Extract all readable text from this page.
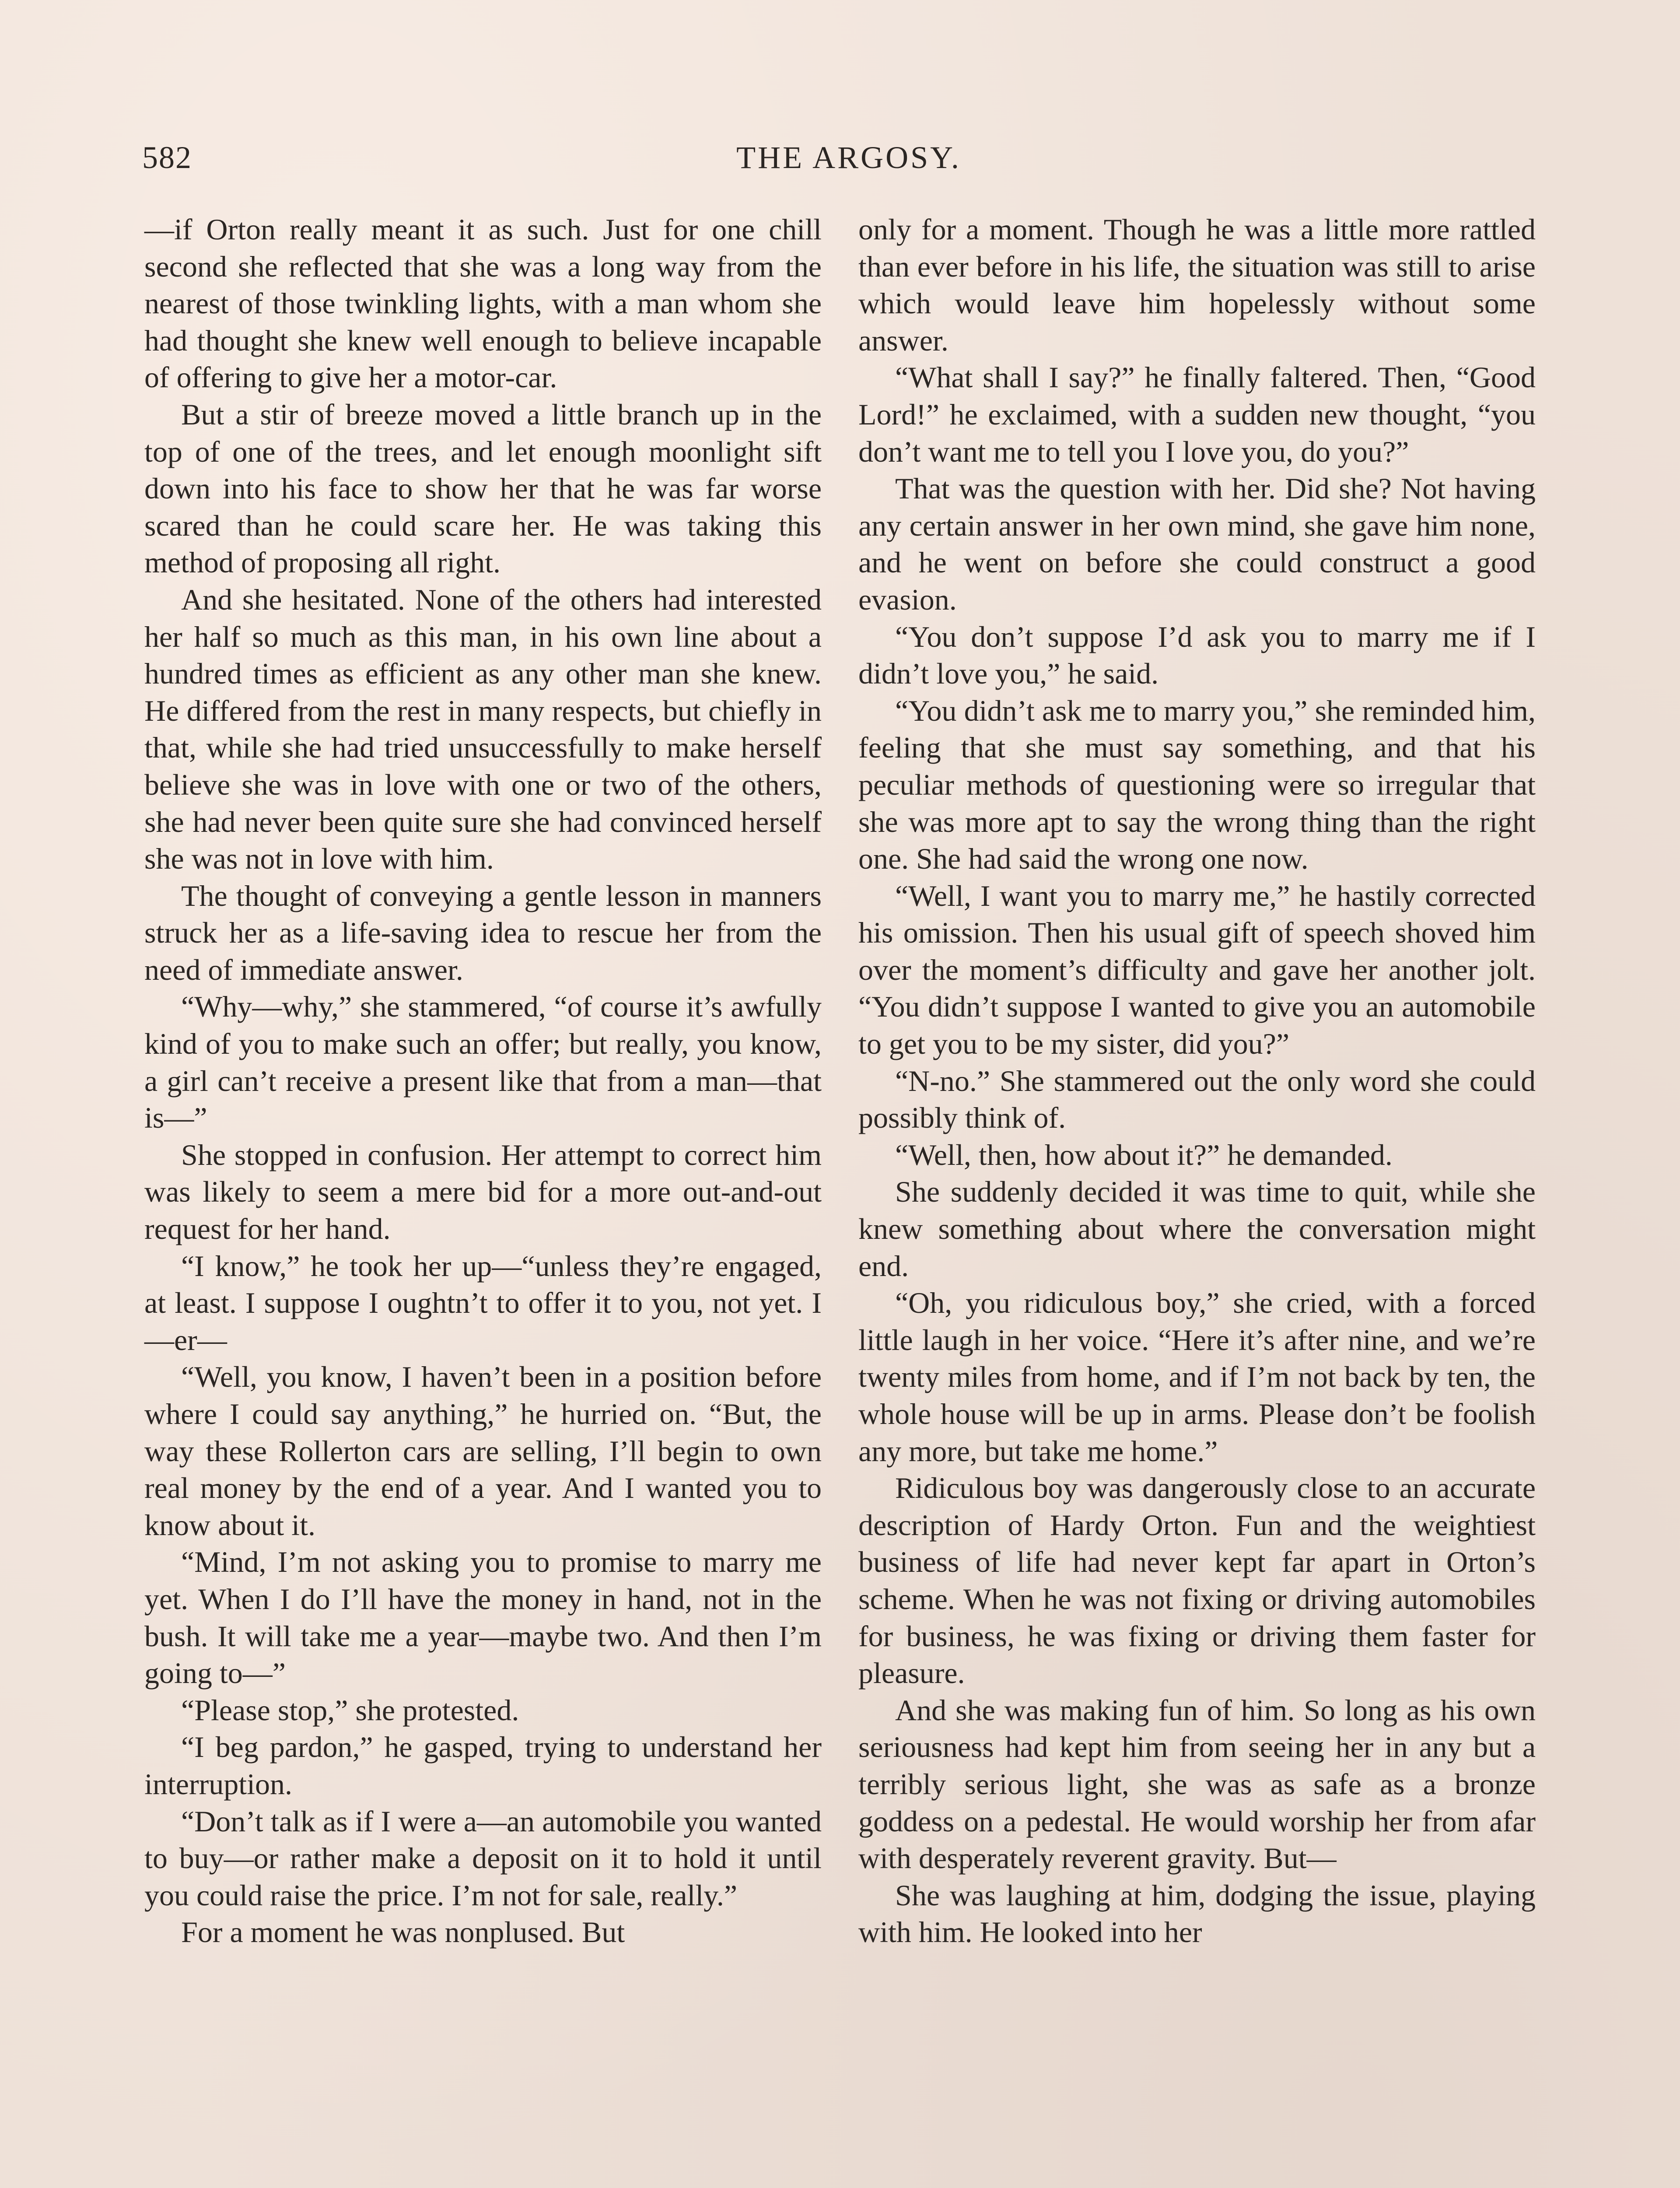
582	THE ARGOSY.

—if Orton really meant it as such. Just for one chill second she reflected that she was a long way from the nearest of those twinkling lights, with a man whom she had thought she knew well enough to believe incapable of offering to give her a motor-car.

But a stir of breeze moved a little branch up in the top of one of the trees, and let enough moonlight sift down into his face to show her that he was far worse scared than he could scare her. He was taking this method of proposing all right.

And she hesitated. None of the others had interested her half so much as this man, in his own line about a hundred times as efficient as any other man she knew. He differed from the rest in many respects, but chiefly in that, while she had tried unsuccessfully to make herself believe she was in love with one or two of the others, she had never been quite sure she had convinced herself she was not in love with him.

The thought of conveying a gentle lesson in manners struck her as a life-saving idea to rescue her from the need of immediate answer.

“Why—why,” she stammered, “of course it’s awfully kind of you to make such an offer; but really, you know, a girl can’t receive a present like that from a man—that is—”

She stopped in confusion. Her attempt to correct him was likely to seem a mere bid for a more out-and-out request for her hand.

“I know,” he took her up—“unless they’re engaged, at least. I suppose I oughtn’t to offer it to you, not yet. I—er—

“Well, you know, I haven’t been in a position before where I could say anything,” he hurried on. “But, the way these Rollerton cars are selling, I’ll begin to own real money by the end of a year. And I wanted you to know about it.

“Mind, I’m not asking you to promise to marry me yet. When I do I’ll have the money in hand, not in the bush. It will take me a year—maybe two. And then I’m going to—”

“Please stop,” she protested.

“I beg pardon,” he gasped, trying to understand her interruption.

“Don’t talk as if I were a—an automobile you wanted to buy—or rather make a deposit on it to hold it until you could raise the price. I’m not for sale, really.”

For a moment he was nonplused. But

only for a moment. Though he was a little more rattled than ever before in his life, the situation was still to arise which would leave him hopelessly without some answer.

“What shall I say?” he finally faltered. Then, “Good Lord!” he exclaimed, with a sudden new thought, “you don’t want me to tell you I love you, do you?”

That was the question with her. Did she? Not having any certain answer in her own mind, she gave him none, and he went on before she could construct a good evasion.

“You don’t suppose I’d ask you to marry me if I didn’t love you,” he said.

“You didn’t ask me to marry you,” she reminded him, feeling that she must say something, and that his peculiar methods of questioning were so irregular that she was more apt to say the wrong thing than the right one. She had said the wrong one now.

“Well, I want you to marry me,” he hastily corrected his omission. Then his usual gift of speech shoved him over the moment’s difficulty and gave her another jolt. “You didn’t suppose I wanted to give you an automobile to get you to be my sister, did you?”

“N-no.” She stammered out the only word she could possibly think of.

“Well, then, how about it?” he demanded.

She suddenly decided it was time to quit, while she knew something about where the conversation might end.

“Oh, you ridiculous boy,” she cried, with a forced little laugh in her voice. “Here it’s after nine, and we’re twenty miles from home, and if I’m not back by ten, the whole house will be up in arms. Please don’t be foolish any more, but take me home.”

Ridiculous boy was dangerously close to an accurate description of Hardy Orton. Fun and the weightiest business of life had never kept far apart in Orton’s scheme. When he was not fixing or driving automobiles for business, he was fixing or driving them faster for pleasure.

And she was making fun of him. So long as his own seriousness had kept him from seeing her in any but a terribly serious light, she was as safe as a bronze goddess on a pedestal. He would worship her from afar with desperately reverent gravity. But—

She was laughing at him, dodging the issue, playing with him. He looked into her
